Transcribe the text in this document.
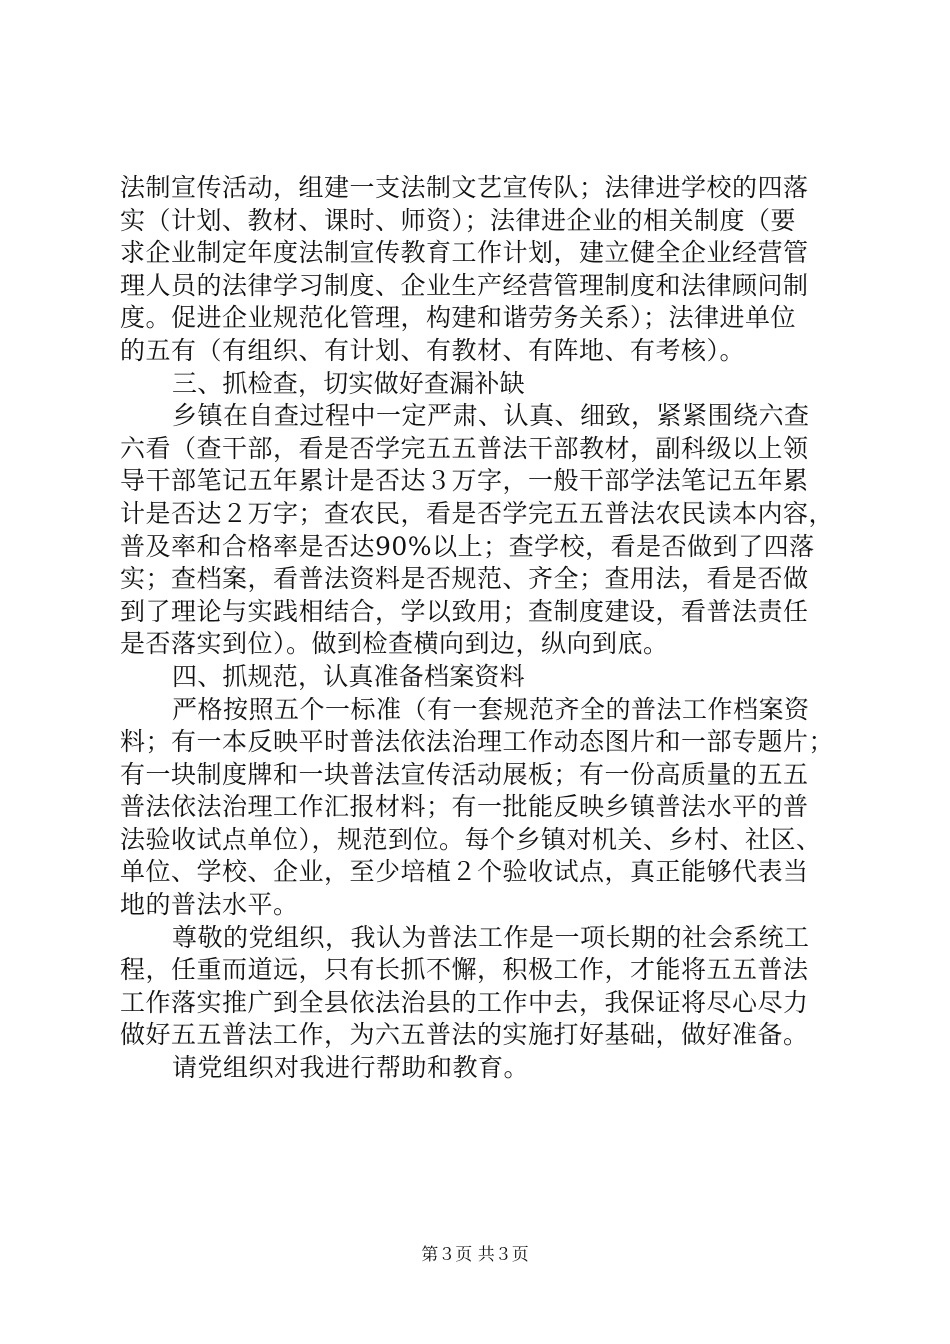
法制宣传活动，组建一支法制文艺宣传队；法律进学校的四落
实（计划、教材、课时、师资）；法律进企业的相关制度（要
求企业制定年度法制宣传教育工作计划，建立健全企业经营管
理人员的法律学习制度、企业生产经营管理制度和法律顾问制
度。促进企业规范化管理，构建和谐劳务关系）；法律进单位
的五有（有组织、有计划、有教材、有阵地、有考核）。
三、抓检查，切实做好查漏补缺
乡镇在自查过程中一定严肃、认真、细致，紧紧围绕六查
六看（查干部，看是否学完五五普法干部教材，副科级以上领
导干部笔记五年累计是否达３万字，一般干部学法笔记五年累
计是否达２万字；查农民，看是否学完五五普法农民读本内容，
普及率和合格率是否达90%以上；查学校，看是否做到了四落
实；查档案，看普法资料是否规范、齐全；查用法，看是否做
到了理论与实践相结合，学以致用；查制度建设，看普法责任
是否落实到位）。做到检查横向到边，纵向到底。
四、抓规范，认真准备档案资料
严格按照五个一标准（有一套规范齐全的普法工作档案资
料；有一本反映平时普法依法治理工作动态图片和一部专题片；
有一块制度牌和一块普法宣传活动展板；有一份高质量的五五
普法依法治理工作汇报材料；有一批能反映乡镇普法水平的普
法验收试点单位），规范到位。每个乡镇对机关、乡村、社区、
单位、学校、企业，至少培植２个验收试点，真正能够代表当
地的普法水平。
尊敬的党组织，我认为普法工作是一项长期的社会系统工
程，任重而道远，只有长抓不懈，积极工作，才能将五五普法
工作落实推广到全县依法治县的工作中去，我保证将尽心尽力
做好五五普法工作，为六五普法的实施打好基础，做好准备。
请党组织对我进行帮助和教育。
第３页 共３页
